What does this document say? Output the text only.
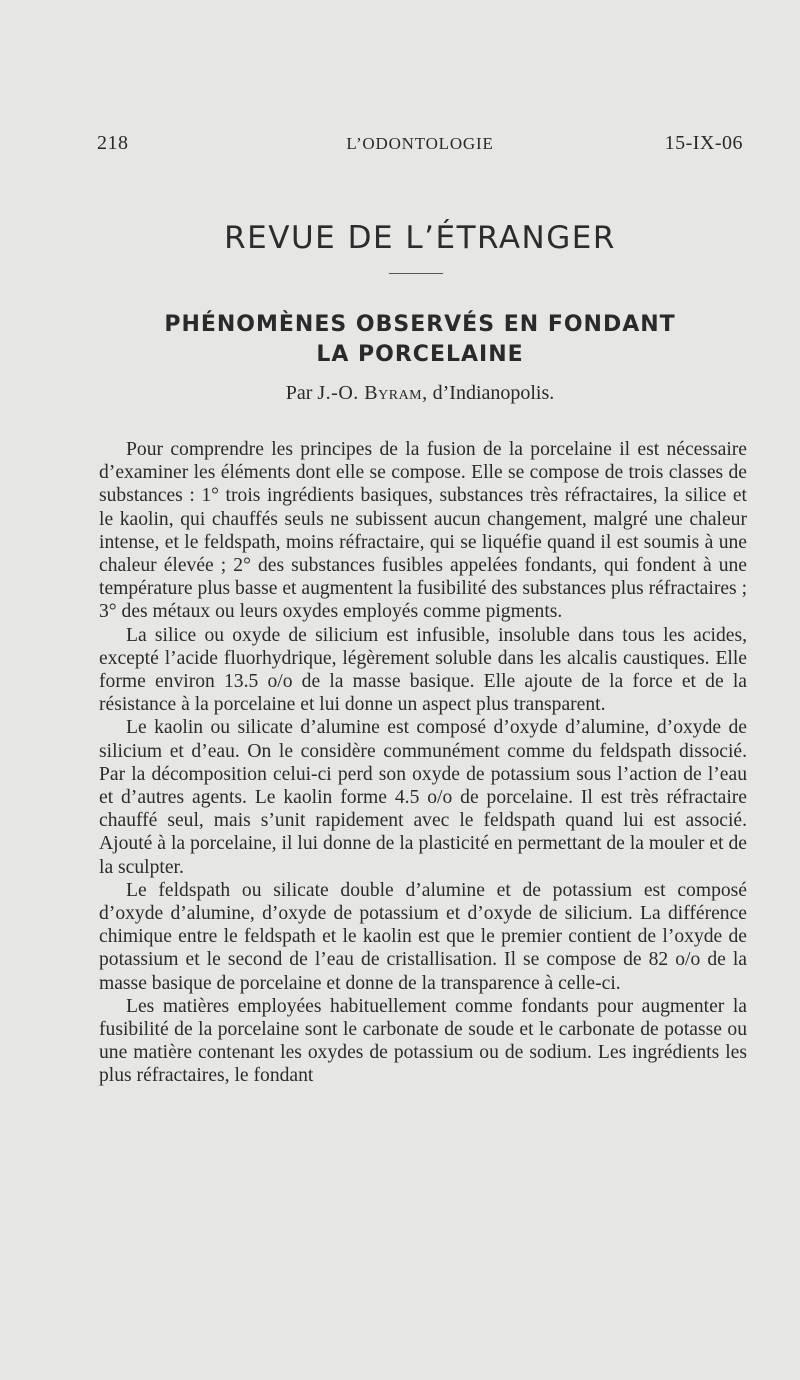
218	L’ODONTOLOGIE	15-IX-06
REVUE DE L’ÉTRANGER
PHÉNOMÈNES OBSERVÉS EN FONDANT
LA PORCELAINE
Par J.-O. Byram, d’Indianopolis.

Pour comprendre les principes de la fusion de la porcelaine il est nécessaire d’examiner les éléments dont elle se compose. Elle se compose de trois classes de substances : 1° trois ingrédients basiques, substances très réfractaires, la silice et le kaolin, qui chauffés seuls ne subissent aucun changement, malgré une chaleur intense, et le feldspath, moins réfractaire, qui se liquéfie quand il est soumis à une chaleur élevée ; 2° des substances fusibles appelées fondants, qui fondent à une température plus basse et augmentent la fusibilité des substances plus réfractaires ; 3° des métaux ou leurs oxydes employés comme pigments.

La silice ou oxyde de silicium est infusible, insoluble dans tous les acides, excepté l’acide fluorhydrique, légèrement soluble dans les alcalis caustiques. Elle forme environ 13.5 o/o de la masse basique. Elle ajoute de la force et de la résistance à la porcelaine et lui donne un aspect plus transparent.

Le kaolin ou silicate d’alumine est composé d’oxyde d’alumine, d’oxyde de silicium et d’eau. On le considère communément comme du feldspath dissocié. Par la décomposition celui-ci perd son oxyde de potassium sous l’action de l’eau et d’autres agents. Le kaolin forme 4.5 o/o de porcelaine. Il est très réfractaire chauffé seul, mais s’unit rapidement avec le feldspath quand lui est associé. Ajouté à la porcelaine, il lui donne de la plasticité en permettant de la mouler et de la sculpter.

Le feldspath ou silicate double d’alumine et de potassium est composé d’oxyde d’alumine, d’oxyde de potassium et d’oxyde de silicium. La différence chimique entre le feldspath et le kaolin est que le premier contient de l’oxyde de potassium et le second de l’eau de cristallisation. Il se compose de 82 o/o de la masse basique de porcelaine et donne de la transparence à celle-ci.

Les matières employées habituellement comme fondants pour augmenter la fusibilité de la porcelaine sont le carbonate de soude et le carbonate de potasse ou une matière contenant les oxydes de potassium ou de sodium. Les ingrédients les plus réfractaires, le fondant
